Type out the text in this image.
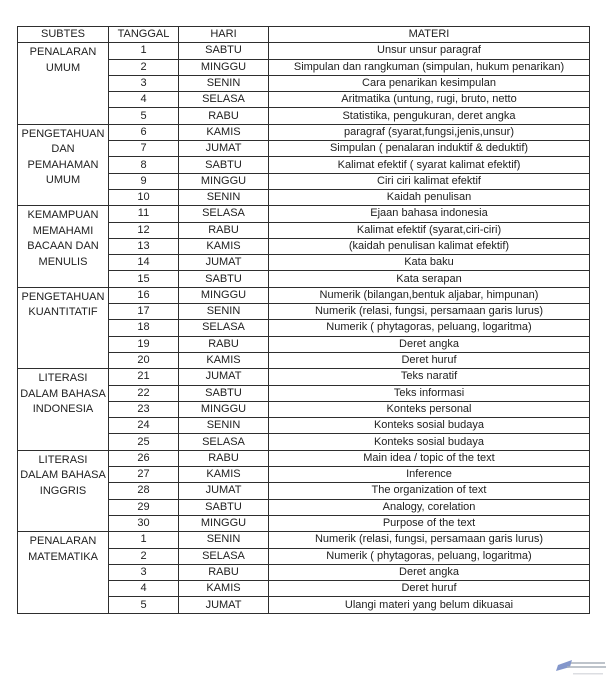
SUBTES	TANGGAL	HARI	MATERI
PENALARAN UMUM	1	SABTU	Unsur unsur paragraf
	2	MINGGU	Simpulan dan rangkuman (simpulan, hukum penarikan)
	3	SENIN	Cara penarikan kesimpulan
	4	SELASA	Aritmatika (untung, rugi, bruto, netto
	5	RABU	Statistika, pengukuran, deret angka
PENGETAHUAN DAN PEMAHAMAN UMUM	6	KAMIS	paragraf (syarat,fungsi,jenis,unsur)
	7	JUMAT	Simpulan ( penalaran induktif & deduktif)
	8	SABTU	Kalimat efektif ( syarat kalimat efektif)
	9	MINGGU	Ciri ciri kalimat efektif
	10	SENIN	Kaidah penulisan
KEMAMPUAN MEMAHAMI BACAAN DAN MENULIS	11	SELASA	Ejaan bahasa indonesia
	12	RABU	Kalimat efektif (syarat,ciri-ciri)
	13	KAMIS	(kaidah penulisan kalimat efektif)
	14	JUMAT	Kata baku
	15	SABTU	Kata serapan
PENGETAHUAN KUANTITATIF	16	MINGGU	Numerik (bilangan,bentuk aljabar, himpunan)
	17	SENIN	Numerik (relasi, fungsi, persamaan garis lurus)
	18	SELASA	Numerik ( phytagoras, peluang, logaritma)
	19	RABU	Deret angka
	20	KAMIS	Deret huruf
LITERASI DALAM BAHASA INDONESIA	21	JUMAT	Teks naratif
	22	SABTU	Teks informasi
	23	MINGGU	Konteks personal
	24	SENIN	Konteks sosial budaya
	25	SELASA	Konteks sosial budaya
LITERASI DALAM BAHASA INGGRIS	26	RABU	Main idea / topic of the text
	27	KAMIS	Inference
	28	JUMAT	The organization of text
	29	SABTU	Analogy, corelation
	30	MINGGU	Purpose of the text
PENALARAN MATEMATIKA	1	SENIN	Numerik (relasi, fungsi, persamaan garis lurus)
	2	SELASA	Numerik ( phytagoras, peluang, logaritma)
	3	RABU	Deret angka
	4	KAMIS	Deret huruf
	5	JUMAT	Ulangi materi yang belum dikuasai
